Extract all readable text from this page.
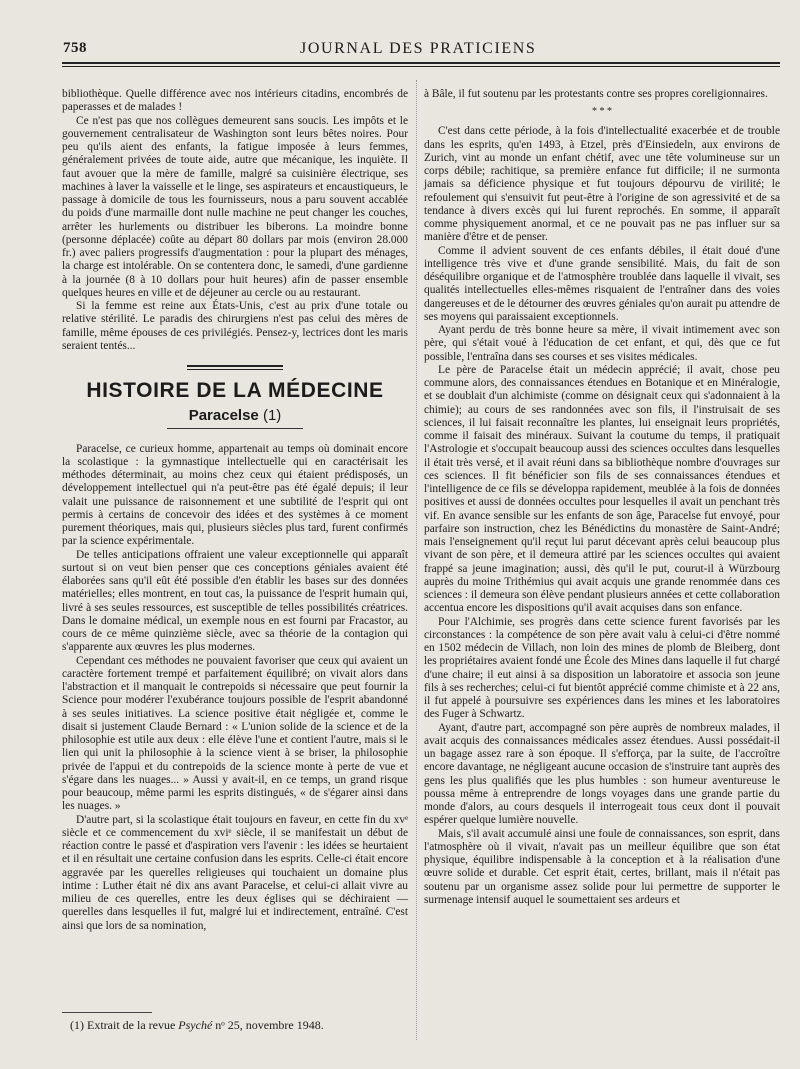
758	JOURNAL DES PRATICIENS

bibliothèque. Quelle différence avec nos intérieurs citadins, encombrés de paperasses et de malades !

Ce n'est pas que nos collègues demeurent sans soucis. Les impôts et le gouvernement centralisateur de Washington sont leurs bêtes noires. Pour peu qu'ils aient des enfants, la fatigue imposée à leurs femmes, généralement privées de toute aide, autre que mécanique, les inquiète. Il faut avouer que la mère de famille, malgré sa cuisinière électrique, ses machines à laver la vaisselle et le linge, ses aspirateurs et encaustiqueurs, le passage à domicile de tous les fournisseurs, nous a paru souvent accablée du poids d'une marmaille dont nulle machine ne peut changer les couches, arrêter les hurlements ou distribuer les biberons. La moindre bonne (personne déplacée) coûte au départ 80 dollars par mois (environ 28.000 fr.) avec paliers progressifs d'augmentation : pour la plupart des ménages, la charge est intolérable. On se contentera donc, le samedi, d'une gardienne à la journée (8 à 10 dollars pour huit heures) afin de passer ensemble quelques heures en ville et de déjeuner au cercle ou au restaurant.

Si la femme est reine aux États-Unis, c'est au prix d'une totale ou relative stérilité. Le paradis des chirurgiens n'est pas celui des mères de famille, même épouses de ces privilégiés. Pensez-y, lectrices dont les maris seraient tentés...

HISTOIRE DE LA MÉDECINE
Paracelse (1)

Paracelse, ce curieux homme, appartenait au temps où dominait encore la scolastique : la gymnastique intellectuelle qui en caractérisait les méthodes déterminait, au moins chez ceux qui étaient prédisposés, un développement intellectuel qui n'a peut-être pas été égalé depuis; il leur valait une puissance de raisonnement et une subtilité de l'esprit qui ont permis à certains de concevoir des idées et des systèmes à ce moment purement théoriques, mais qui, plusieurs siècles plus tard, furent confirmés par la science expérimentale.

De telles anticipations offraient une valeur exceptionnelle qui apparaît surtout si on veut bien penser que ces conceptions géniales avaient été élaborées sans qu'il eût été possible d'en établir les bases sur des données matérielles; elles montrent, en tout cas, la puissance de l'esprit humain qui, livré à ses seules ressources, est susceptible de telles possibilités créatrices. Dans le domaine médical, un exemple nous en est fourni par Fracastor, au cours de ce même quinzième siècle, avec sa théorie de la contagion qui s'apparente aux œuvres les plus modernes.

Cependant ces méthodes ne pouvaient favoriser que ceux qui avaient un caractère fortement trempé et parfaitement équilibré; on vivait alors dans l'abstraction et il manquait le contrepoids si nécessaire que peut fournir la Science pour modérer l'exubérance toujours possible de l'esprit abandonné à ses seules initiatives. La science positive était négligée et, comme le disait si justement Claude Bernard : « L'union solide de la science et de la philosophie est utile aux deux : elle élève l'une et contient l'autre, mais si le lien qui unit la philosophie à la science vient à se briser, la philosophie privée de l'appui et du contrepoids de la science monte à perte de vue et s'égare dans les nuages... » Aussi y avait-il, en ce temps, un grand risque pour beaucoup, même parmi les esprits distingués, « de s'égarer ainsi dans les nuages. »

D'autre part, si la scolastique était toujours en faveur, en cette fin du xvᵉ siècle et ce commencement du xviᵉ siècle, il se manifestait un début de réaction contre le passé et d'aspiration vers l'avenir : les idées se heurtaient et il en résultait une certaine confusion dans les esprits. Celle-ci était encore aggravée par les querelles religieuses qui touchaient un domaine plus intime : Luther était né dix ans avant Paracelse, et celui-ci allait vivre au milieu de ces querelles, entre les deux églises qui se déchiraient — querelles dans lesquelles il fut, malgré lui et indirectement, entraîné. C'est ainsi que lors de sa nomination,

à Bâle, il fut soutenu par les protestants contre ses propres coreligionnaires.

* * *

C'est dans cette période, à la fois d'intellectualité exacerbée et de trouble dans les esprits, qu'en 1493, à Etzel, près d'Einsiedeln, aux environs de Zurich, vint au monde un enfant chétif, avec une tête volumineuse sur un corps débile; rachitique, sa première enfance fut difficile; il ne surmonta jamais sa déficience physique et fut toujours dépourvu de virilité; le refoulement qui s'ensuivit fut peut-être à l'origine de son agressivité et de sa tendance à divers excès qui lui furent reprochés. En somme, il apparaît comme physiquement anormal, et ce ne pouvait pas ne pas influer sur sa manière d'être et de penser.

Comme il advient souvent de ces enfants débiles, il était doué d'une intelligence très vive et d'une grande sensibilité. Mais, du fait de son déséquilibre organique et de l'atmosphère troublée dans laquelle il vivait, ses qualités intellectuelles elles-mêmes risquaient de l'entraîner dans des voies dangereuses et de le détourner des œuvres géniales qu'on aurait pu attendre de ses moyens qui paraissaient exceptionnels.

Ayant perdu de très bonne heure sa mère, il vivait intimement avec son père, qui s'était voué à l'éducation de cet enfant, et qui, dès que ce fut possible, l'entraîna dans ses courses et ses visites médicales.

Le père de Paracelse était un médecin apprécié; il avait, chose peu commune alors, des connaissances étendues en Botanique et en Minéralogie, et se doublait d'un alchimiste (comme on désignait ceux qui s'adonnaient à la chimie); au cours de ses randonnées avec son fils, il l'instruisait de ses sciences, il lui faisait reconnaître les plantes, lui enseignait leurs propriétés, comme il faisait des minéraux. Suivant la coutume du temps, il pratiquait l'Astrologie et s'occupait beaucoup aussi des sciences occultes dans lesquelles il était très versé, et il avait réuni dans sa bibliothèque nombre d'ouvrages sur ces sciences. Il fit bénéficier son fils de ses connaissances étendues et l'intelligence de ce fils se développa rapidement, meublée à la fois de données positives et aussi de données occultes pour lesquelles il avait un penchant très vif. En avance sensible sur les enfants de son âge, Paracelse fut envoyé, pour parfaire son instruction, chez les Bénédictins du monastère de Saint-André; mais l'enseignement qu'il reçut lui parut décevant après celui beaucoup plus vivant de son père, et il demeura attiré par les sciences occultes qui avaient frappé sa jeune imagination; aussi, dès qu'il le put, courut-il à Würzbourg auprès du moine Trithémius qui avait acquis une grande renommée dans ces sciences : il demeura son élève pendant plusieurs années et cette collaboration accentua encore les dispositions qu'il avait acquises dans son enfance.

Pour l'Alchimie, ses progrès dans cette science furent favorisés par les circonstances : la compétence de son père avait valu à celui-ci d'être nommé en 1502 médecin de Villach, non loin des mines de plomb de Bleiberg, dont les propriétaires avaient fondé une École des Mines dans laquelle il fut chargé d'une chaire; il eut ainsi à sa disposition un laboratoire et associa son jeune fils à ses recherches; celui-ci fut bientôt apprécié comme chimiste et à 22 ans, il fut appelé à poursuivre ses expériences dans les mines et les laboratoires des Fuger à Schwartz.

Ayant, d'autre part, accompagné son père auprès de nombreux malades, il avait acquis des connaissances médicales assez étendues. Aussi possédait-il un bagage assez rare à son époque. Il s'efforça, par la suite, de l'accroître encore davantage, ne négligeant aucune occasion de s'instruire tant auprès des gens les plus qualifiés que les plus humbles : son humeur aventureuse le poussa même à entreprendre de longs voyages dans une grande partie du monde d'alors, au cours desquels il interrogeait tous ceux dont il pouvait espérer quelque lumière nouvelle.

Mais, s'il avait accumulé ainsi une foule de connaissances, son esprit, dans l'atmosphère où il vivait, n'avait pas un meilleur équilibre que son état physique, équilibre indispensable à la conception et à la réalisation d'une œuvre solide et durable. Cet esprit était, certes, brillant, mais il n'était pas soutenu par un organisme assez solide pour lui permettre de supporter le surmenage intensif auquel le soumettaient ses ardeurs et

(1) Extrait de la revue Psyché nᵒ 25, novembre 1948.
